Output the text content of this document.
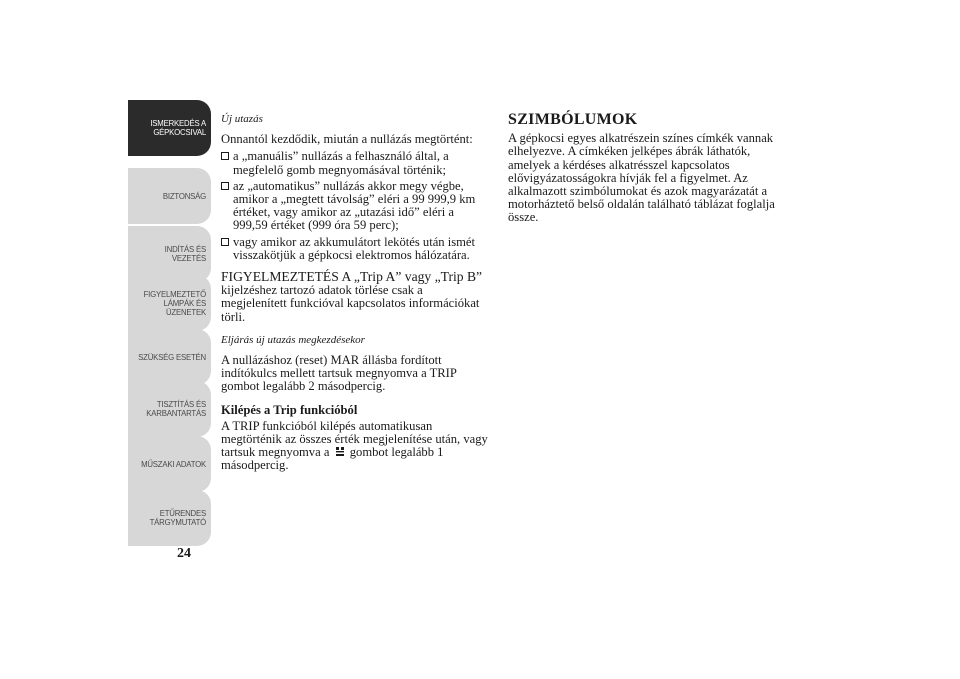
ISMERKEDÉS A
GÉPKOCSIVAL
BIZTONSÁG
INDÍTÁS ÉS
VEZETÉS
FIGYELMEZTETŐ
LÁMPÁK ÉS
ÜZENETEK
SZÜKSÉG ESETÉN
TISZTÍTÁS ÉS
KARBANTARTÁS
MŰSZAKI ADATOK
ETŰRENDES
TÁRGYMUTATÓ
24

Új utazás

Onnantól kezdődik, miután a nullázás megtörtént:

a „manuális” nullázás a felhasználó által, a megfelelő gomb megnyomásával történik;
az „automatikus” nullázás akkor megy végbe, amikor a „megtett távolság” eléri a 99 999,9 km értéket, vagy amikor az „utazási idő” eléri a 999,59 értéket (999 óra 59 perc);
vagy amikor az akkumulátort lekötés után ismét visszakötjük a gépkocsi elektromos hálózatára.

FIGYELMEZTETÉS A „Trip A” vagy „Trip B” kijelzéshez tartozó adatok törlése csak a megjelenített funkcióval kapcsolatos információkat törli.

Eljárás új utazás megkezdésekor

A nullázáshoz (reset) MAR állásba fordított indítókulcs mellett tartsuk megnyomva a TRIP gombot legalább 2 másodpercig.

Kilépés a Trip funkcióból

A TRIP funkcióból kilépés automatikusan megtörténik az összes érték megjelenítése után, vagy tartsuk megnyomva a gombot legalább 1 másodpercig.

SZIMBÓLUMOK

A gépkocsi egyes alkatrészein színes címkék vannak elhelyezve. A címkéken jelképes ábrák láthatók, amelyek a kérdéses alkatrésszel kapcsolatos elővigyázatosságokra hívják fel a figyelmet. Az alkalmazott szimbólumokat és azok magyarázatát a motorháztető belső oldalán található táblázat foglalja össze.
